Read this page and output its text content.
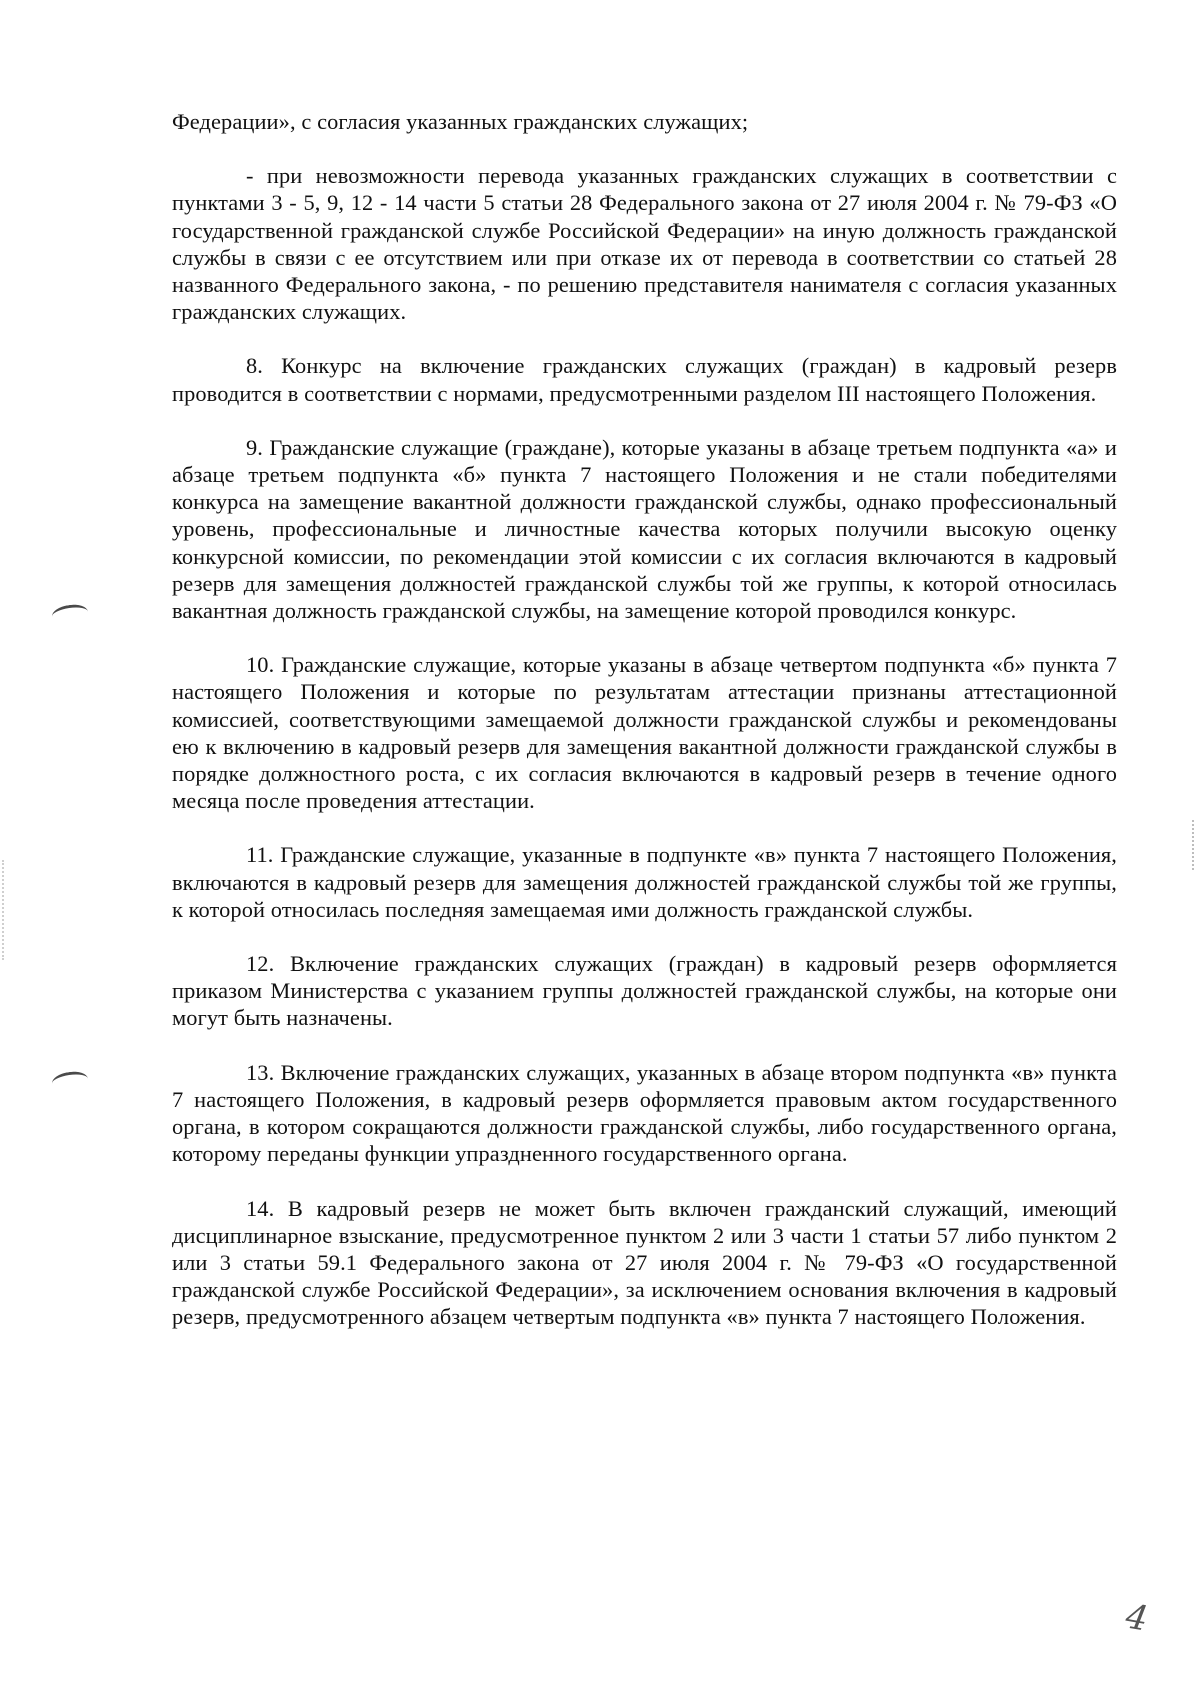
Федерации», с согласия указанных гражданских служащих;

- при невозможности перевода указанных гражданских служащих в соответствии с пунктами 3 - 5, 9, 12 - 14 части 5 статьи 28 Федерального закона от 27 июля 2004 г. № 79-ФЗ «О государственной гражданской службе Российской Федерации» на иную должность гражданской службы в связи с ее отсутствием или при отказе их от перевода в соответствии со статьей 28 названного Федерального закона, - по решению представителя нанимателя с согласия указанных гражданских служащих.

8. Конкурс на включение гражданских служащих (граждан) в кадровый резерв проводится в соответствии с нормами, предусмотренными разделом III настоящего Положения.

9. Гражданские служащие (граждане), которые указаны в абзаце третьем подпункта «а» и абзаце третьем подпункта «б» пункта 7 настоящего Положения и не стали победителями конкурса на замещение вакантной должности гражданской службы, однако профессиональный уровень, профессиональные и личностные качества которых получили высокую оценку конкурсной комиссии, по рекомендации этой комиссии с их согласия включаются в кадровый резерв для замещения должностей гражданской службы той же группы, к которой относилась вакантная должность гражданской службы, на замещение которой проводился конкурс.

10. Гражданские служащие, которые указаны в абзаце четвертом подпункта «б» пункта 7 настоящего Положения и которые по результатам аттестации признаны аттестационной комиссией, соответствующими замещаемой должности гражданской службы и рекомендованы ею к включению в кадровый резерв для замещения вакантной должности гражданской службы в порядке должностного роста, с их согласия включаются в кадровый резерв в течение одного месяца после проведения аттестации.

11. Гражданские служащие, указанные в подпункте «в» пункта 7 настоящего Положения, включаются в кадровый резерв для замещения должностей гражданской службы той же группы, к которой относилась последняя замещаемая ими должность гражданской службы.

12. Включение гражданских служащих (граждан) в кадровый резерв оформляется приказом Министерства с указанием группы должностей гражданской службы, на которые они могут быть назначены.

13. Включение гражданских служащих, указанных в абзаце втором подпункта «в» пункта 7 настоящего Положения, в кадровый резерв оформляется правовым актом государственного органа, в котором сокращаются должности гражданской службы, либо государственного органа, которому переданы функции упраздненного государственного органа.

14. В кадровый резерв не может быть включен гражданский служащий, имеющий дисциплинарное взыскание, предусмотренное пунктом 2 или 3 части 1 статьи 57 либо пунктом 2 или 3 статьи 59.1 Федерального закона от 27 июля 2004 г. № 79-ФЗ «О государственной гражданской службе Российской Федерации», за исключением основания включения в кадровый резерв, предусмотренного абзацем четвертым подпункта «в» пункта 7 настоящего Положения.

4
